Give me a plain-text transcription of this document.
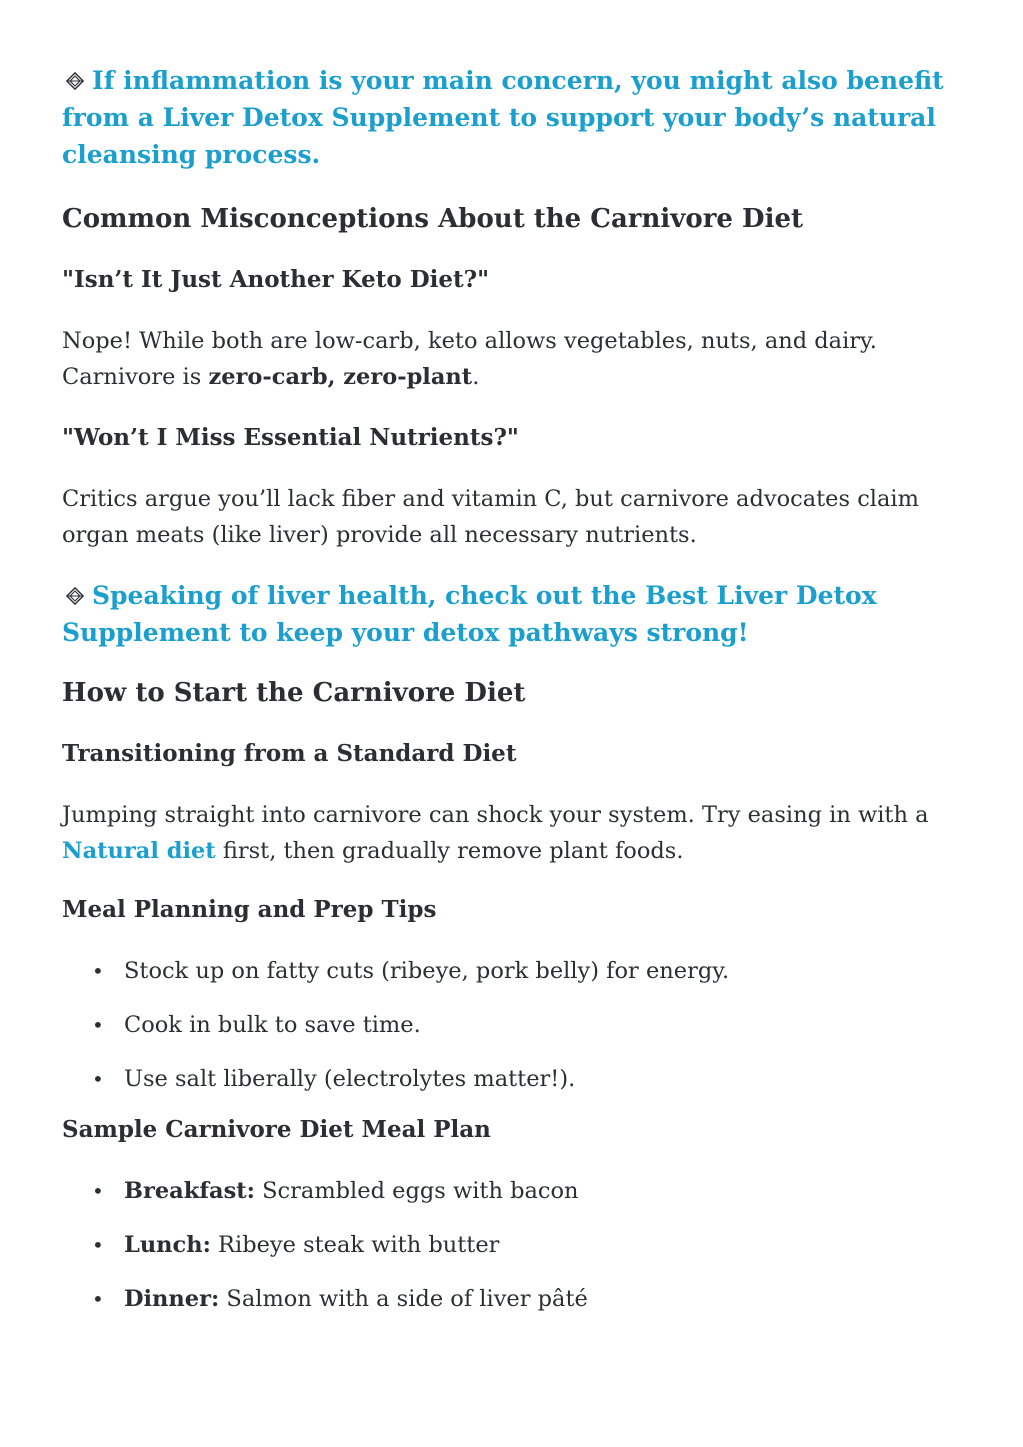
If inflammation is your main concern, you might also benefit from a Liver Detox Supplement to support your body’s natural cleansing process.

Common Misconceptions About the Carnivore Diet
"Isn’t It Just Another Keto Diet?"

Nope! While both are low-carb, keto allows vegetables, nuts, and dairy. Carnivore is zero-carb, zero-plant.

"Won’t I Miss Essential Nutrients?"

Critics argue you’ll lack fiber and vitamin C, but carnivore advocates claim organ meats (like liver) provide all necessary nutrients.

Speaking of liver health, check out the Best Liver Detox Supplement to keep your detox pathways strong!

How to Start the Carnivore Diet
Transitioning from a Standard Diet

Jumping straight into carnivore can shock your system. Try easing in with a Natural diet first, then gradually remove plant foods.

Meal Planning and Prep Tips
• Stock up on fatty cuts (ribeye, pork belly) for energy.
• Cook in bulk to save time.
• Use salt liberally (electrolytes matter!).
Sample Carnivore Diet Meal Plan
• Breakfast: Scrambled eggs with bacon
• Lunch: Ribeye steak with butter
• Dinner: Salmon with a side of liver pâté
